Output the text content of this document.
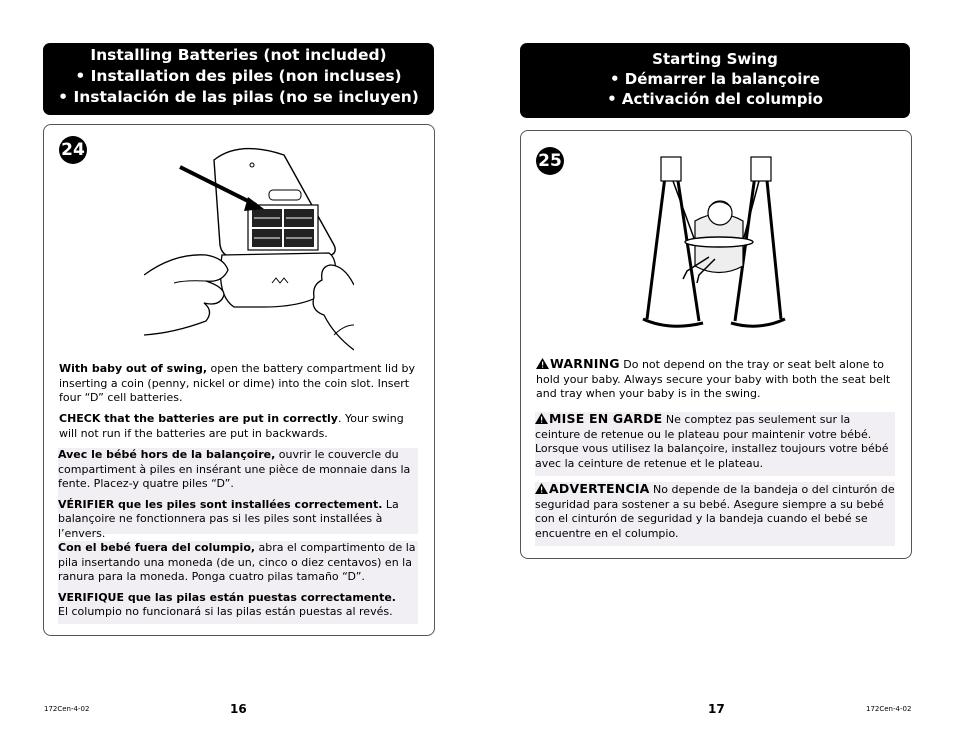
Installing Batteries (not included)
• Installation des piles (non incluses)
• Instalación de las pilas (no se incluyen)
24
With baby out of swing, open the battery compartment lid by inserting a coin (penny, nickel or dime) into the coin slot. Insert four “D” cell batteries.
CHECK that the batteries are put in correctly. Your swing will not run if the batteries are put in backwards.
Avec le bébé hors de la balançoire, ouvrir le couvercle du compartiment à piles en insérant une pièce de monnaie dans la fente. Placez-y quatre piles “D”.
VÉRIFIER que les piles sont installées correctement. La balançoire ne fonctionnera pas si les piles sont installées à l’envers.
Con el bebé fuera del columpio, abra el compartimento de la pila insertando una moneda (de un, cinco o diez centavos) en la ranura para la moneda. Ponga cuatro pilas tamaño “D”.
VERIFIQUE que las pilas están puestas correctamente.
El columpio no funcionará si las pilas están puestas al revés.
172Cen-4-02	16
Starting Swing
• Démarrer la balançoire
• Activación del columpio
25
WARNING Do not depend on the tray or seat belt alone to hold your baby. Always secure your baby with both the seat belt and tray when your baby is in the swing.
MISE EN GARDE Ne comptez pas seulement sur la ceinture de retenue ou le plateau pour maintenir votre bébé. Lorsque vous utilisez la balançoire, installez toujours votre bébé avec la ceinture de retenue et le plateau.
ADVERTENCIA No depende de la bandeja o del cinturón de seguridad para sostener a su bebé. Asegure siempre a su bebé con el cinturón de seguridad y la bandeja cuando el bebé se encuentre en el columpio.
17	172Cen-4-02
